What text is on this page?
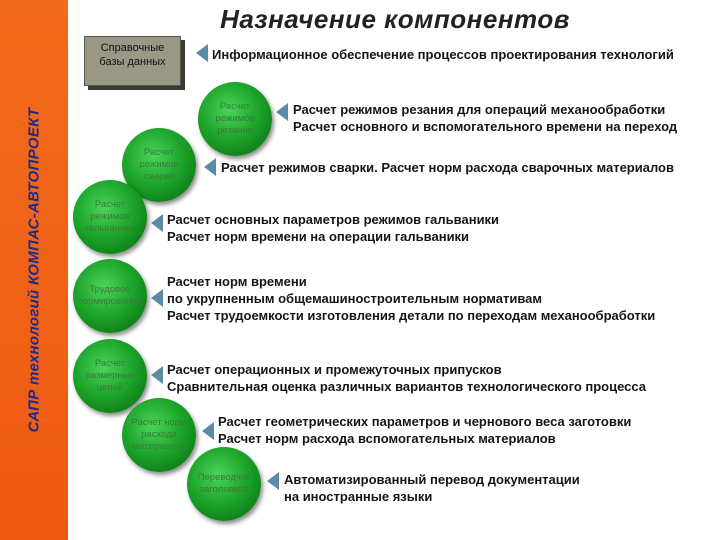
САПР технологий КОМПАС-АВТОПРОЕКТ
Назначение компонентов
Справочные
базы данных	Информационное обеспечение процессов проектирования технологий
Расчет режимов резания
Расчет режимов резания для операций механообработки
Расчет основного и вспомогательного времени на переход
Расчет режимов сварки
Расчет режимов сварки. Расчет норм расхода сварочных материалов
Расчет режимов гальваники
Расчет основных параметров режимов гальваники
Расчет норм времени на операции гальваники
Трудовое нормирование
Расчет норм времени
по укрупненным общемашиностроительным нормативам
Расчет трудоемкости изготовления детали по переходам механообработки
Расчет размерных цепей
Расчет операционных и промежуточных припусков
Сравнительная оценка различных вариантов технологического процесса
Расчет норм расхода материалов
Расчет геометрических параметров и чернового веса заготовки
Расчет норм расхода вспомогательных материалов
Переводчик заголовков
Автоматизированный перевод документации
на иностранные языки
